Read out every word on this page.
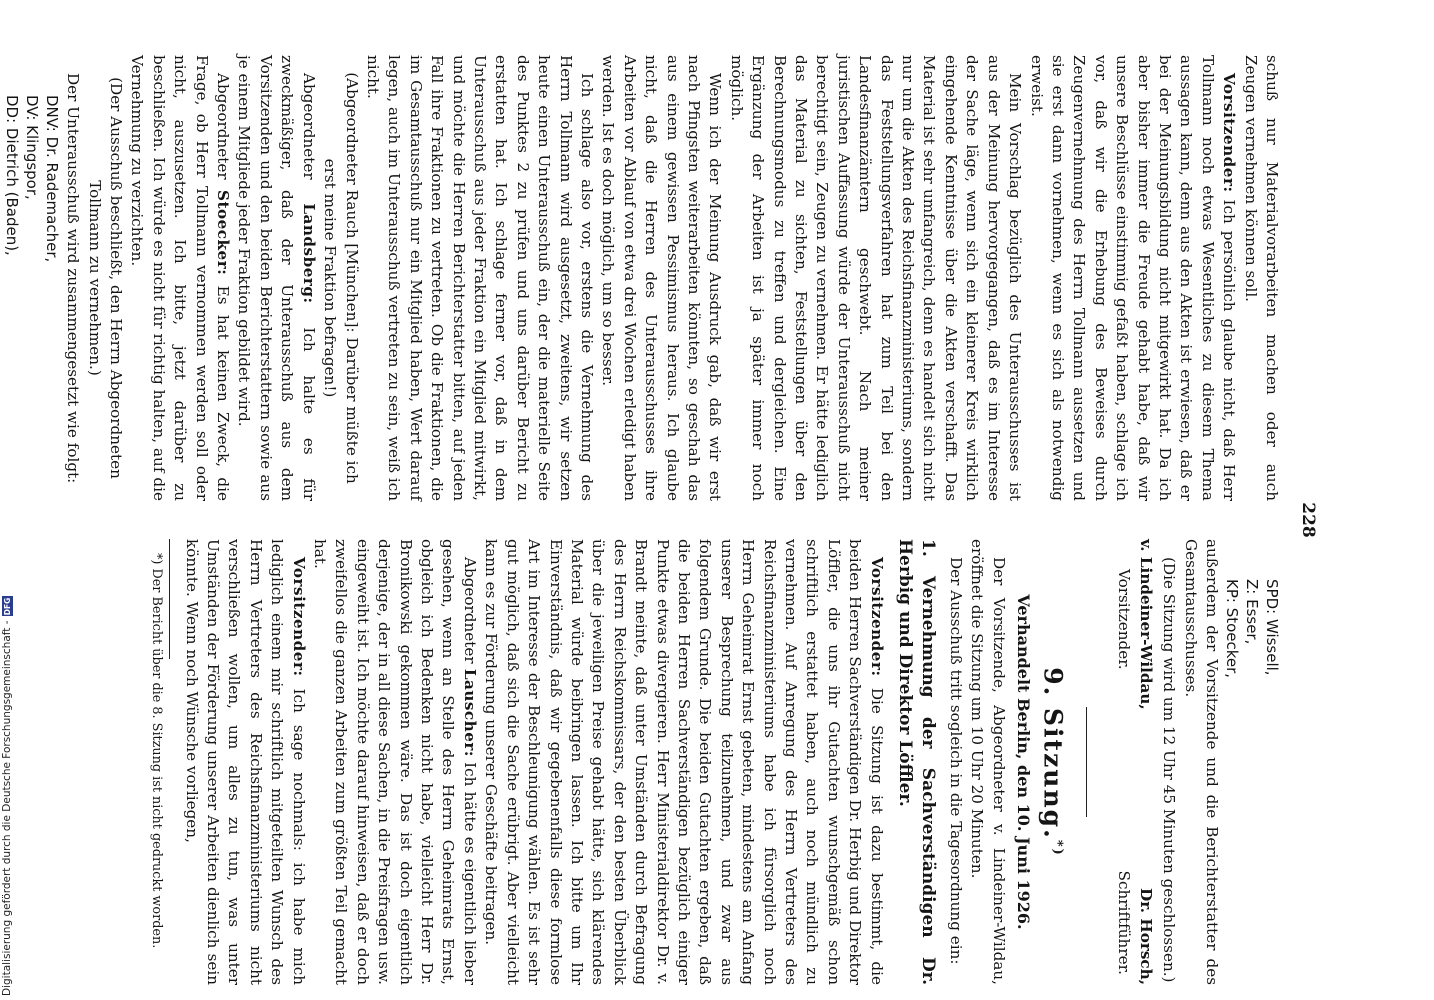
228

schuß nur Materialvorarbeiten machen oder auch Zeugen vernehmen können soll.

Vorsitzender: Ich persönlich glaube nicht, daß Herr Tollmann noch etwas Wesentliches zu diesem Thema aussagen kann, denn aus den Akten ist erwiesen, daß er bei der Meinungsbildung nicht mitgewirkt hat. Da ich aber bisher immer die Freude gehabt habe, daß wir unsere Beschlüsse einstimmig gefaßt haben, schlage ich vor, daß wir die Erhebung des Beweises durch Zeugenvernehmung des Herrn Tollmann aussetzen und sie erst dann vornehmen, wenn es sich als notwendig erweist.

Mein Vorschlag bezüglich des Unterausschusses ist aus der Meinung hervorgegangen, daß es im Interesse der Sache läge, wenn sich ein kleinerer Kreis wirklich eingehende Kenntnisse über die Akten verschafft. Das Material ist sehr umfangreich, denn es handelt sich nicht nur um die Akten des Reichsfinanzministeriums, sondern das Feststellungsverfahren hat zum Teil bei den Landesfinanzämtern geschwebt. Nach meiner juristischen Auffassung würde der Unterausschuß nicht berechtigt sein, Zeugen zu vernehmen. Er hätte lediglich das Material zu sichten, Feststellungen über den Berechnungsmodus zu treffen und dergleichen. Eine Ergänzung der Arbeiten ist ja später immer noch möglich.

Wenn ich der Meinung Ausdruck gab, daß wir erst nach Pfingsten weiterarbeiten könnten, so geschah das aus einem gewissen Pessimismus heraus. Ich glaube nicht, daß die Herren des Unterausschusses ihre Arbeiten vor Ablauf von etwa drei Wochen erledigt haben werden. Ist es doch möglich, um so besser.

Ich schlage also vor, erstens die Vernehmung des Herrn Tollmann wird ausgesetzt, zweitens, wir setzen heute einen Unterausschuß ein, der die materielle Seite des Punktes 2 zu prüfen und uns darüber Bericht zu erstatten hat. Ich schlage ferner vor, daß in dem Unterausschuß aus jeder Fraktion ein Mitglied mitwirkt, und möchte die Herren Berichterstatter bitten, auf jeden Fall ihre Fraktionen zu vertreten. Ob die Fraktionen, die im Gesamtausschuß nur ein Mitglied haben, Wert darauf legen, auch im Unterausschuß vertreten zu sein, weiß ich nicht.

(Abgeordneter Rauch [München]: Darüber müßte ich erst meine Fraktion befragen!)

Abgeordneter Landsberg: Ich halte es für zweckmäßiger, daß der Unterausschuß aus dem Vorsitzenden und den beiden Berichterstattern sowie aus je einem Mitgliede jeder Fraktion gebildet wird.

Abgeordneter Stoecker: Es hat keinen Zweck, die Frage, ob Herr Tollmann vernommen werden soll oder nicht, auszusetzen. Ich bitte, jetzt darüber zu beschließen. Ich würde es nicht für richtig halten, auf die Vernehmung zu verzichten.

(Der Ausschuß beschließt, den Herrn Abgeordneten Tollmann zu vernehmen.)

Der Unterausschuß wird zusammengesetzt wie folgt:

DNV: Dr. Rademacher,
DV: Klingspor,
DD: Dietrich (Baden),
SPD: Wissell,
Z: Esser,
KP: Stoecker,

außerdem der Vorsitzende und die Berichterstatter des Gesamtausschusses.

(Die Sitzung wird um 12 Uhr 45 Minuten geschlossen.)

v. Lindeiner-Wildau,
Dr. Horsch,
Vorsitzender.
Schriftführer.
9. Sitzung.*)
Verhandelt Berlin, den 10. Juni 1926.

Der Vorsitzende, Abgeordneter v. Lindeiner-Wildau, eröffnet die Sitzung um 10 Uhr 20 Minuten.

Der Ausschuß tritt sogleich in die Tagesordnung ein:

1. Vernehmung der Sachverständigen Dr. Herbig und Direktor Löffler.

Vorsitzender: Die Sitzung ist dazu bestimmt, die beiden Herren Sachverständigen Dr. Herbig und Direktor Löffler, die uns ihr Gutachten wunschgemäß schon schriftlich erstattet haben, auch noch mündlich zu vernehmen. Auf Anregung des Herrn Vertreters des Reichsfinanzministeriums habe ich fürsorglich noch Herrn Geheimrat Ernst gebeten, mindestens am Anfang unserer Besprechung teilzunehmen, und zwar aus folgendem Grunde. Die beiden Gutachten ergeben, daß die beiden Herren Sachverständigen bezüglich einiger Punkte etwas divergieren. Herr Ministerialdirektor Dr. v. Brandt meinte, daß unter Umständen durch Befragung des Herrn Reichskommissars, der den besten Überblick über die jeweiligen Preise gehabt hätte, sich klärendes Material würde beibringen lassen. Ich bitte um Ihr Einverständnis, daß wir gegebenenfalls diese formlose Art im Interesse der Beschleunigung wählen. Es ist sehr gut möglich, daß sich die Sache erübrigt. Aber vielleicht kann es zur Förderung unserer Geschäfte beitragen.

Abgeordneter Lauscher: Ich hätte es eigentlich lieber gesehen, wenn an Stelle des Herrn Geheimrats Ernst, obgleich ich Bedenken nicht habe, vielleicht Herr Dr. Bronikowski gekommen wäre. Das ist doch eigentlich derjenige, der in all diese Sachen, in die Preisfragen usw. eingeweiht ist. Ich möchte darauf hinweisen, daß er doch zweifellos die ganzen Arbeiten zum größten Teil gemacht hat.

Vorsitzender: Ich sage nochmals: ich habe mich lediglich einem mir schriftlich mitgeteilten Wunsch des Herrn Vertreters des Reichsfinanzministeriums nicht verschließen wollen, um alles zu tun, was unter Umständen der Förderung unserer Arbeiten dienlich sein könnte. Wenn noch Wünsche vorliegen,

*) Der Bericht über die 8. Sitzung ist nicht gedruckt worden.

Digitalisierung gefördert durch die Deutsche Forschungsgemeinschaft -
DFG
